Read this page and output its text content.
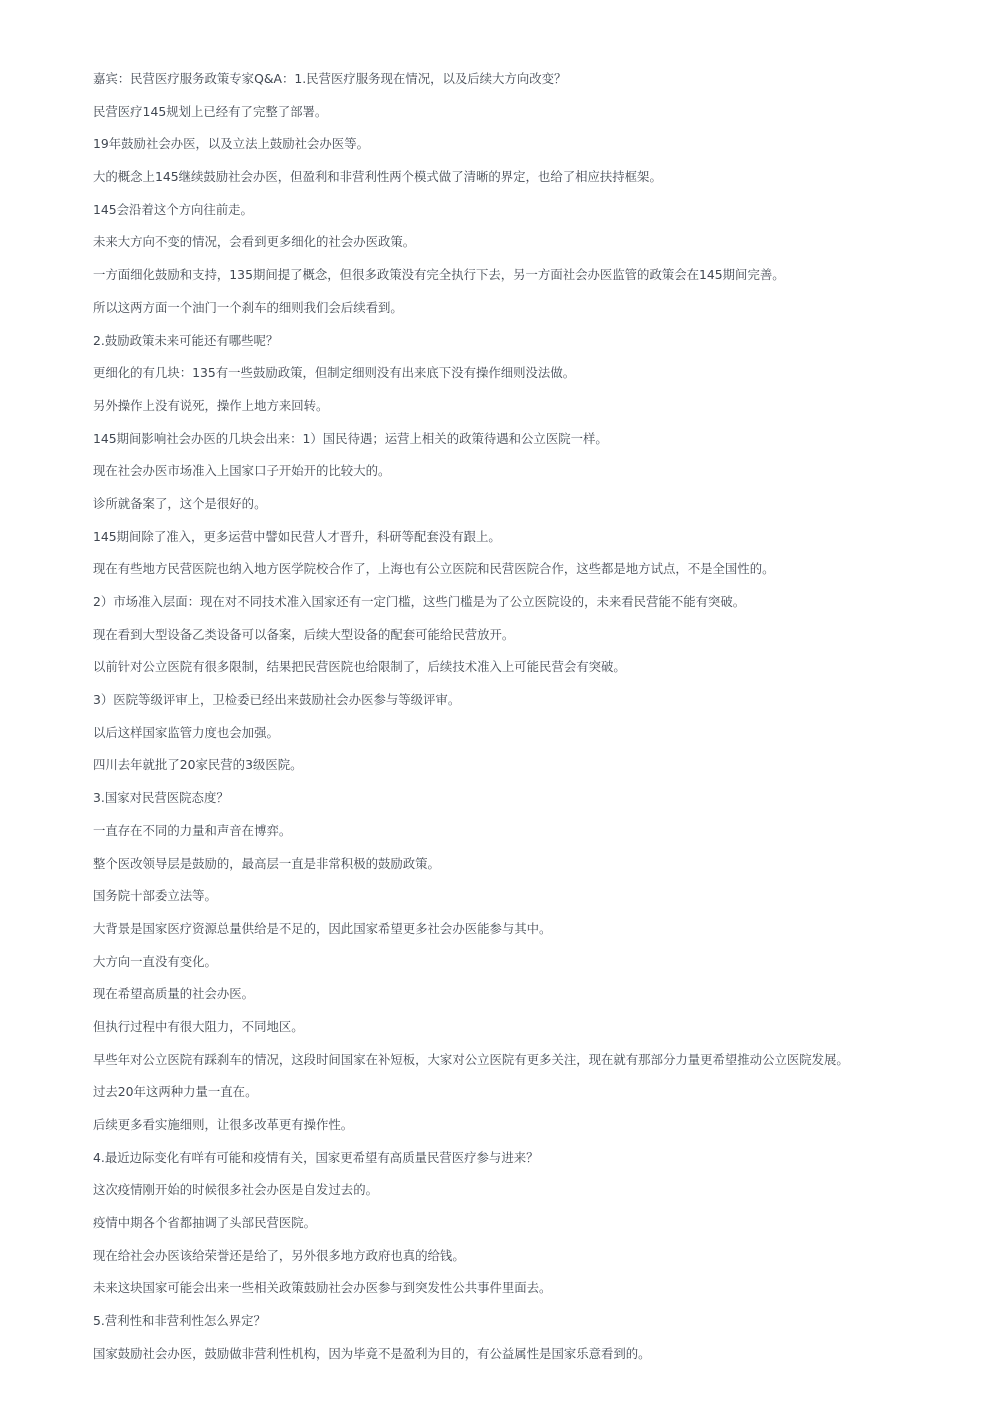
嘉宾：民营医疗服务政策专家Q&A：1.民营医疗服务现在情况，以及后续大方向改变？
民营医疗145规划上已经有了完整了部署。
19年鼓励社会办医，以及立法上鼓励社会办医等。
大的概念上145继续鼓励社会办医，但盈利和非营利性两个模式做了清晰的界定，也给了相应扶持框架。
145会沿着这个方向往前走。
未来大方向不变的情况，会看到更多细化的社会办医政策。
一方面细化鼓励和支持，135期间提了概念，但很多政策没有完全执行下去，另一方面社会办医监管的政策会在145期间完善。
所以这两方面一个油门一个刹车的细则我们会后续看到。
2.鼓励政策未来可能还有哪些呢？
更细化的有几块：135有一些鼓励政策，但制定细则没有出来底下没有操作细则没法做。
另外操作上没有说死，操作上地方来回转。
145期间影响社会办医的几块会出来：1）国民待遇；运营上相关的政策待遇和公立医院一样。
现在社会办医市场准入上国家口子开始开的比较大的。
诊所就备案了，这个是很好的。
145期间除了准入，更多运营中譬如民营人才晋升，科研等配套没有跟上。
现在有些地方民营医院也纳入地方医学院校合作了，上海也有公立医院和民营医院合作，这些都是地方试点，不是全国性的。
2）市场准入层面：现在对不同技术准入国家还有一定门槛，这些门槛是为了公立医院设的，未来看民营能不能有突破。
现在看到大型设备乙类设备可以备案，后续大型设备的配套可能给民营放开。
以前针对公立医院有很多限制，结果把民营医院也给限制了，后续技术准入上可能民营会有突破。
3）医院等级评审上，卫检委已经出来鼓励社会办医参与等级评审。
以后这样国家监管力度也会加强。
四川去年就批了20家民营的3级医院。
3.国家对民营医院态度？
一直存在不同的力量和声音在博弈。
整个医改领导层是鼓励的，最高层一直是非常积极的鼓励政策。
国务院十部委立法等。
大背景是国家医疗资源总量供给是不足的，因此国家希望更多社会办医能参与其中。
大方向一直没有变化。
现在希望高质量的社会办医。
但执行过程中有很大阻力，不同地区。
早些年对公立医院有踩刹车的情况，这段时间国家在补短板，大家对公立医院有更多关注，现在就有那部分力量更希望推动公立医院发展。
过去20年这两种力量一直在。
后续更多看实施细则，让很多改革更有操作性。
4.最近边际变化有咩有可能和疫情有关，国家更希望有高质量民营医疗参与进来？
这次疫情刚开始的时候很多社会办医是自发过去的。
疫情中期各个省都抽调了头部民营医院。
现在给社会办医该给荣誉还是给了，另外很多地方政府也真的给钱。
未来这块国家可能会出来一些相关政策鼓励社会办医参与到突发性公共事件里面去。
5.营利性和非营利性怎么界定？
国家鼓励社会办医，鼓励做非营利性机构，因为毕竟不是盈利为目的，有公益属性是国家乐意看到的。
